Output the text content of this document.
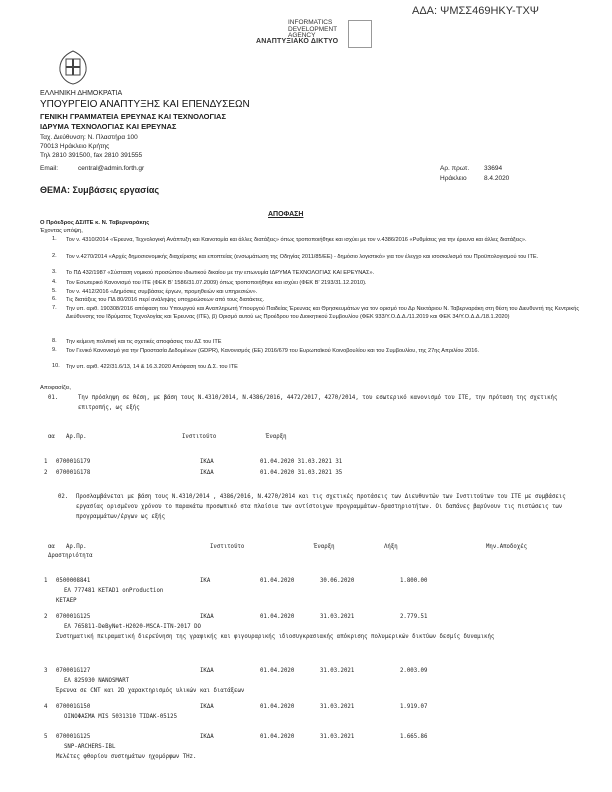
ΑΔΑ: ΨΜΣΣ469ΗΚΥ-ΤΧΨ
INFORMATICS
DEVELOPMENT
AGENCY
ΑΝΑΠΤΥΞΙΑΚΟ ΔΙΚΤΥΟ
ΕΛΛΗΝΙΚΗ ΔΗΜΟΚΡΑΤΙΑ
ΥΠΟΥΡΓΕΙΟ ΑΝΑΠΤΥΞΗΣ ΚΑΙ ΕΠΕΝΔΥΣΕΩΝ
ΓΕΝΙΚΗ ΓΡΑΜΜΑΤΕΙΑ ΕΡΕΥΝΑΣ ΚΑΙ ΤΕΧΝΟΛΟΓΙΑΣ
ΙΔΡΥΜΑ ΤΕΧΝΟΛΟΓΙΑΣ ΚΑΙ ΕΡΕΥΝΑΣ
Ταχ. Διεύθυνση: Ν. Πλαστήρα 100
70013 Ηράκλειο Κρήτης
Τηλ 2810 391500, fax 2810 391555
Email:	central@admin.forth.gr	Αρ. πρωτ. 33694
Ηράκλειο	8.4.2020
ΘΕΜΑ: Συμβάσεις εργασίας
ΑΠΟΦΑΣΗ
Ο Πρόεδρος ΔΣ/ΙΤΕ κ. Ν. Ταβερναράκης
Έχοντας υπόψη,
1. Τον ν. 4310/2014 «Έρευνα, Τεχνολογική Ανάπτυξη και Καινοτομία και άλλες διατάξεις» όπως τροποποιήθηκε και ισχύει με τον ν.4386/2016 «Ρυθμίσεις για την έρευνα και άλλες διατάξεις».
2. Τον ν.4270/2014 «Αρχές δημοσιονομικής διαχείρισης και εποπτείας (ενσωμάτωση της Οδηγίας 2011/85/ΕΕ) - δημόσιο λογιστικό» για τον έλεγχο και ισοσκελισμό του Προϋπολογισμού του ΙΤΕ.
3. Το ΠΔ 432/1987 «Σύσταση νομικού προσώπου ιδιωτικού δικαίου με την επωνυμία ΙΔΡΥΜΑ ΤΕΧΝΟΛΟΓΙΑΣ ΚΑΙ ΕΡΕΥΝΑΣ».
4. Τον Εσωτερικό Κανονισμό του ΙΤΕ (ΦΕΚ Β' 1586/31.07.2009) όπως τροποποιήθηκε και ισχύει (ΦΕΚ Β' 2193/31.12.2010).
5. Τον ν. 4412/2016 «Δημόσιες συμβάσεις έργων, προμηθειών και υπηρεσιών».
6. Τις διατάξεις του ΠΔ 80/2016 περί ανάληψης υποχρεώσεων από τους διατάκτες.
7. Την υπ. αριθ. 190308/2016 απόφαση του Υπουργού και Αναπληρωτή Υπουργού Παιδείας Έρευνας και Θρησκευμάτων για τον ορισμό του Δρ Νεκτάριου Ν. Ταβερναράκη στη θέση του Διευθυντή της Κεντρικής Διεύθυνσης του Ιδρύματος Τεχνολογίας και Έρευνας (ΙΤΕ), β) Ορισμό αυτού ως Προέδρου του Διοικητικού Συμβουλίου (ΦΕΚ 933/Υ.Ο.Δ.Δ./11.2019 και ΦΕΚ 34/Υ.Ο.Δ.Δ./18.1.2020)
8. Την κείμενη πολιτική και τις σχετικές αποφάσεις του ΔΣ του ΙΤΕ
9. Τον Γενικό Κανονισμό για την Προστασία Δεδομένων (GDPR), Κανονισμός (ΕΕ) 2016/679 του Ευρωπαϊκού Κοινοβουλίου και του Συμβουλίου, της 27ης Απριλίου 2016.
10. Την υπ. αριθ. 422/31.6/13, 14 & 16.3.2020 Απόφαση του Δ.Σ. του ΙΤΕ
Αποφασίζει,
01.	Την πρόσληψη σε θέση, με βάση τους Ν.4310/2014, Ν.4386/2016, 4472/2017, 4270/2014, του εσωτερικό κανονισμό του ΙΤΕ, την πρόταση της σχετικής επιτροπής, ως εξής
αα Αρ.Πρ.	Ινστιτούτο	Έναρξη
1 070001G179	ΙΚΔΑ	01.04.2020 31.03.2021 31
2 070001G178	ΙΚΔΑ	01.04.2020 31.03.2021 35
02. Προσλαμβάνεται με βάση τους Ν.4310/2014 , 4386/2016, Ν.4270/2014 και τις σχετικές προτάσεις των Διευθυντών των Ινστιτούτων του ΙΤΕ με συμβάσεις εργασίας ορισμένου χρόνου το παρακάτω προσωπικό στα πλαίσια των αντίστοιχων προγραμμάτων-δραστηριοτήτων. Οι δαπάνες βαρύνουν τις πιστώσεις των προγραμμάτων/έργων ως εξής
αα Αρ.Πρ.	Ινστιτούτο	Έναρξη	Λήξη	Μην.Αποδοχές
Δραστηριότητα
1 0500008841	ΙΚΑ	01.04.2020	30.06.2020	1.800.00
ΕΛ 777481 KETAD1 onProduction
KETAEP
2 070001G125	ΙΚΔΑ	01.04.2020	31.03.2021	2.779.51
ΕΛ 765811-DeByNet-H2020-MSCA-ITN-2017 DO
Συστηματική πειραματική διερεύνηση της γραφικής και φιγουραρικής ιδιοσυγκρασιακής απόκρισης πολυμερικών δικτύων δεσμίς δυναμικής
3 070001G127	ΙΚΔΑ	01.04.2020	31.03.2021	2.003.09
ΕΛ 825930 NANOSMART
Έρευνα σε CNT και 2D χαρακτηρισμός υλικών και διατάξεων
4 070001G150	ΙΚΔΑ	01.04.2020	31.03.2021	1.919.07
ΟΙΝΟΦΑΣΜΑ ΜΙS 5031310 TIDAK-05125
5 070001G125	ΙΚΔΑ	01.04.2020	31.03.2021	1.665.86
SNP-ARCHERS-IBL
Μελέτες φθορίου συστημάτων ηχομόρφων ΤΗz.
